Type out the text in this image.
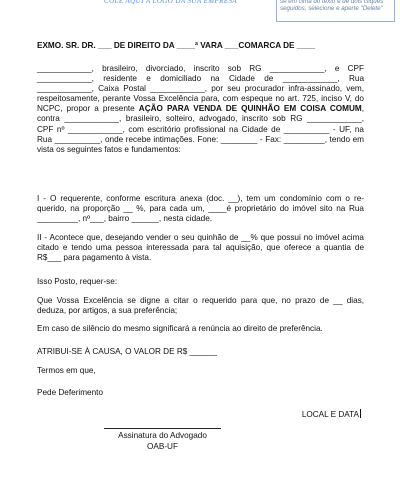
COLE AQUI A LOGO DA SUA EMPRESA	se em cima do texto e de dois cliques seguidos, selecione e aperte "Delete"
EXMO. SR. DR. ___ DE DIREITO DA ____ª VARA ___COMARCA DE ____

____________, brasileiro, divorciado, inscrito sob RG ____________, e CPF ____________, residente e domiciliado na Cidade de ____________, Rua ____________, Caixa Postal ____________, por seu procurador infra-assinado, vem, respeitosamente, perante Vossa Excelência para, com espeque no art. 725, inciso V, do NCPC, propor a presente AÇÃO PARA VENDA DE QUINHÃO EM COISA COMUM, contra ____________, brasileiro, solteiro, advogado, inscrito sob RG ____________, CPF nº ____________, com escritório profissional na Cidade de __________ - UF, na Rua __________, onde recebe intimações. Fone: ________ - Fax: _________, tendo em vista os seguintes fatos e fundamentos:

I - O requerente, conforme escritura anexa (doc. __), tem um condomínio com o re-querido, na proporção __ %, para cada um, ____é proprietário do imóvel sito na Rua _________, nº___, bairro ______, nesta cidade.

II - Acontece que, desejando vender o seu quinhão de __% que possui no imóvel acima citado e tendo uma pessoa interessada para tal aquisição, que oferece a quantia de R$___ para pagamento à vista.

Isso Posto, requer-se:

Que Vossa Excelência se digne a citar o requerido para que, no prazo de __ dias, deduza, por artigos, a sua preferência;

Em caso de silêncio do mesmo significará a renúncia ao direito de preferência.

ATRIBUI-SE À CAUSA, O VALOR DE R$ ______

Termos em que,

Pede Deferimento

LOCAL E DATA
Assinatura do Advogado
OAB-UF
